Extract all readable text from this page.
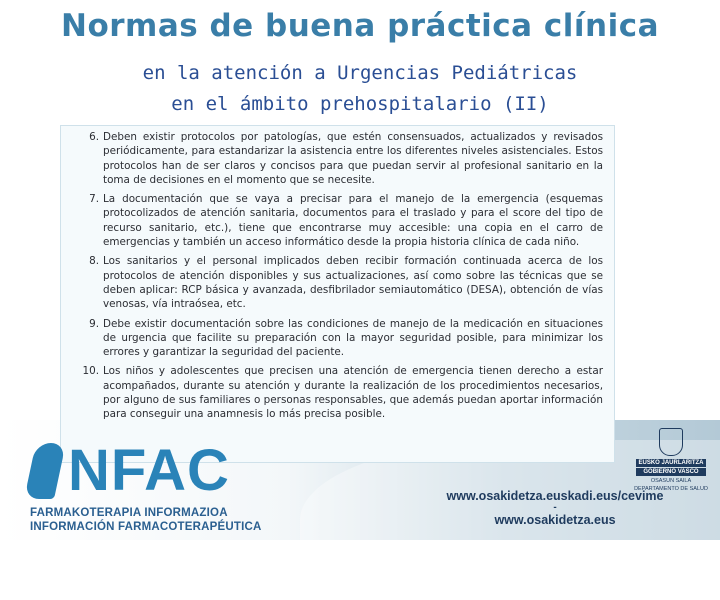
Normas de buena práctica clínica
en la atención a Urgencias Pediátricas
en el ámbito prehospitalario (II)
6. Deben existir protocolos por patologías, que estén consensuados, actualizados y revisados periódicamente, para estandarizar la asistencia entre los diferentes niveles asistenciales. Estos protocolos han de ser claros y concisos para que puedan servir al profesional sanitario en la toma de decisiones en el momento que se necesite.
7. La documentación que se vaya a precisar para el manejo de la emergencia (esquemas protocolizados de atención sanitaria, documentos para el traslado y para el score del tipo de recurso sanitario, etc.), tiene que encontrarse muy accesible: una copia en el carro de emergencias y también un acceso informático desde la propia historia clínica de cada niño.
8. Los sanitarios y el personal implicados deben recibir formación continuada acerca de los protocolos de atención disponibles y sus actualizaciones, así como sobre las técnicas que se deben aplicar: RCP básica y avanzada, desfibrilador semiautomático (DESA), obtención de vías venosas, vía intraósea, etc.
9. Debe existir documentación sobre las condiciones de manejo de la medicación en situaciones de urgencia que facilite su preparación con la mayor seguridad posible, para minimizar los errores y garantizar la seguridad del paciente.
10. Los niños y adolescentes que precisen una atención de emergencia tienen derecho a estar acompañados, durante su atención y durante la realización de los procedimientos necesarios, por alguno de sus familiares o personas responsables, que además puedan aportar información para conseguir una anamnesis lo más precisa posible.
NFAC
FARMAKOTERAPIA INFORMAZIOA
INFORMACIÓN FARMACOTERAPÉUTICA
www.osakidetza.euskadi.eus/cevime
-
www.osakidetza.eus
EUSKO JAURLARITZA
GOBIERNO VASCO
OSASUN SAILA
DEPARTAMENTO DE SALUD
